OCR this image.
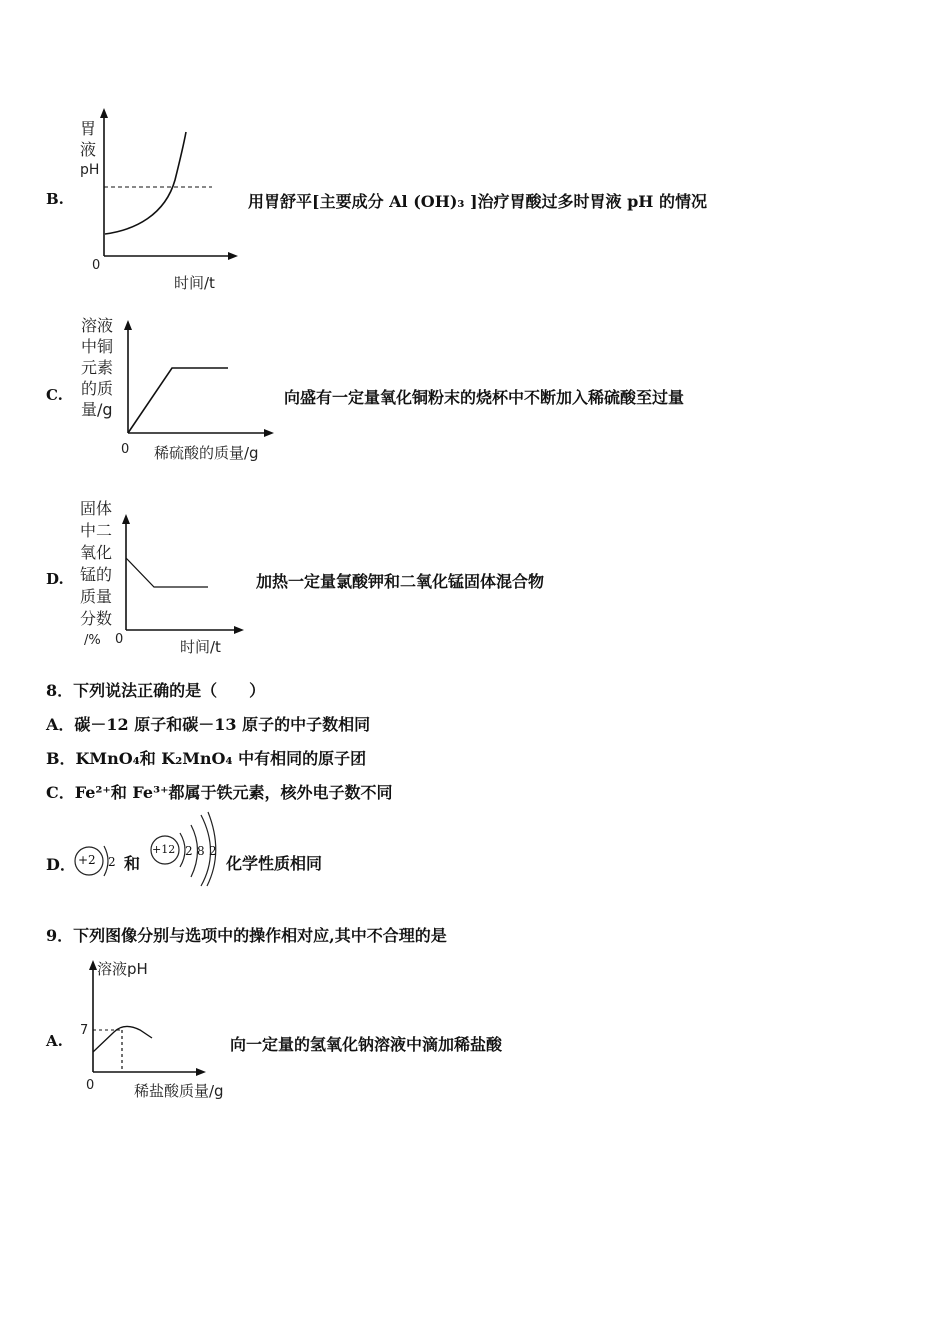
B.
胃
液
pH
0
时间/t
用胃舒平[主要成分 Al (OH)₃ ]治疗胃酸过多时胃液 pH 的情况
C.
溶液
中铜
元素
的质
量/g
0 稀硫酸的质量/g
向盛有一定量氧化铜粉末的烧杯中不断加入稀硫酸至过量
D.
固体
中二
氧化
锰的
质量
分数
/%	0	时间/t
加热一定量氯酸钾和二氧化锰固体混合物
8．下列说法正确的是（　　）
A．碳－12 原子和碳－13 原子的中子数相同
B．KMnO₄和 K₂MnO₄ 中有相同的原子团
C．Fe²⁺和 Fe³⁺都属于铁元素，核外电子数不同
D． +2 2 和
+12 2 8 2
化学性质相同
9．下列图像分别与选项中的操作相对应,其中不合理的是
A.
溶液pH
7
0	稀盐酸质量/g
向一定量的氢氧化钠溶液中滴加稀盐酸
